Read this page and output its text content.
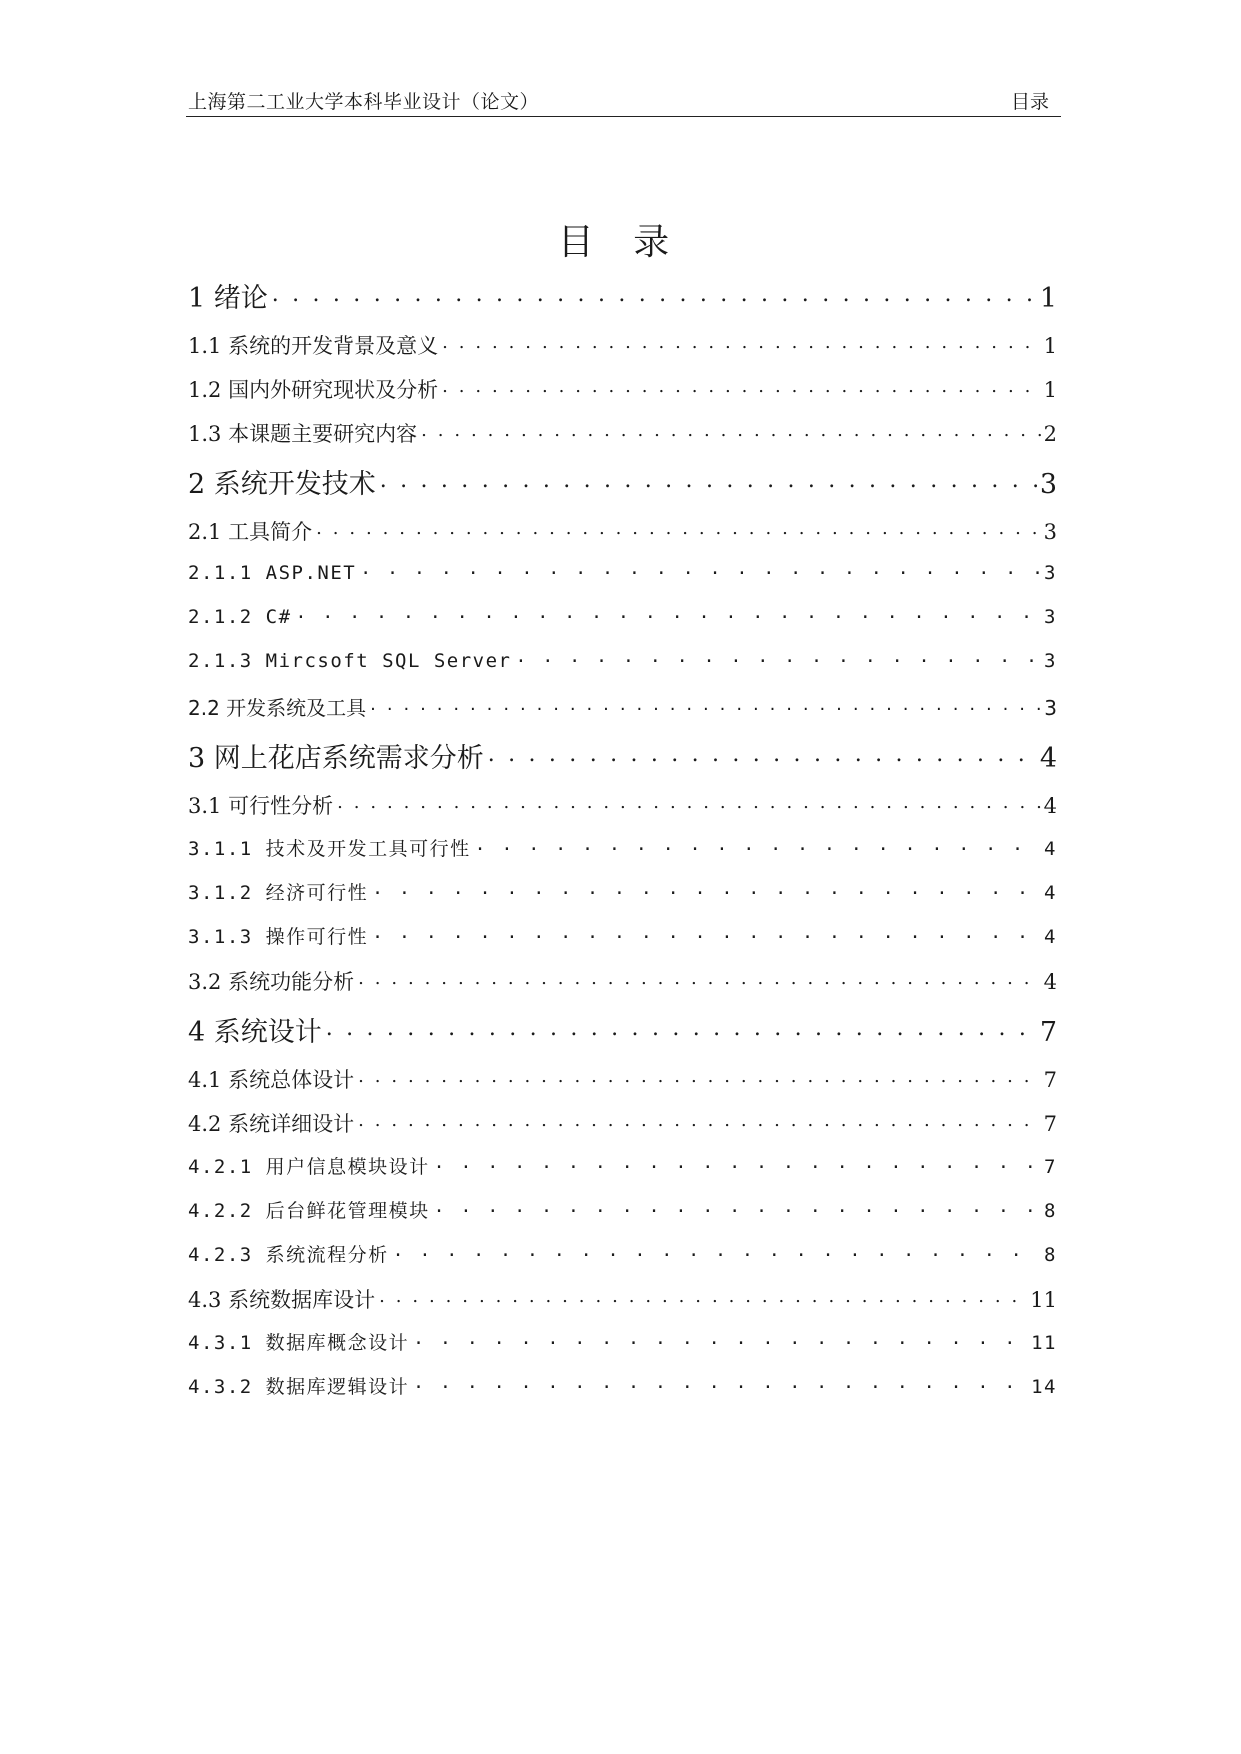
上海第二工业大学本科毕业设计（论文）	目录
目 录
1 绪论 . . .	1
1.1 系统的开发背景及意义 . . .	1
1.2 国内外研究现状及分析 . . .	1
1.3 本课题主要研究内容 . . .	2
2 系统开发技术 . . .	3
2.1 工具简介 . . .	3
2.1.1 ASP.NET . . .	3
2.1.2 C# . . .	3
2.1.3 Mircsoft SQL Server . . .	3
2.2 开发系统及工具 . . .	3
3 网上花店系统需求分析 . . .	4
3.1 可行性分析 . . .	4
3.1.1 技术及开发工具可行性 . . .	4
3.1.2 经济可行性 . . .	4
3.1.3 操作可行性 . . .	4
3.2 系统功能分析 . . .	4
4 系统设计 . . .	7
4.1 系统总体设计 . . .	7
4.2 系统详细设计 . . .	7
4.2.1 用户信息模块设计 . . .	7
4.2.2 后台鲜花管理模块 . . .	8
4.2.3 系统流程分析 . . .	8
4.3 系统数据库设计 . . .	11
4.3.1 数据库概念设计 . . .	11
4.3.2 数据库逻辑设计 . . .	14
